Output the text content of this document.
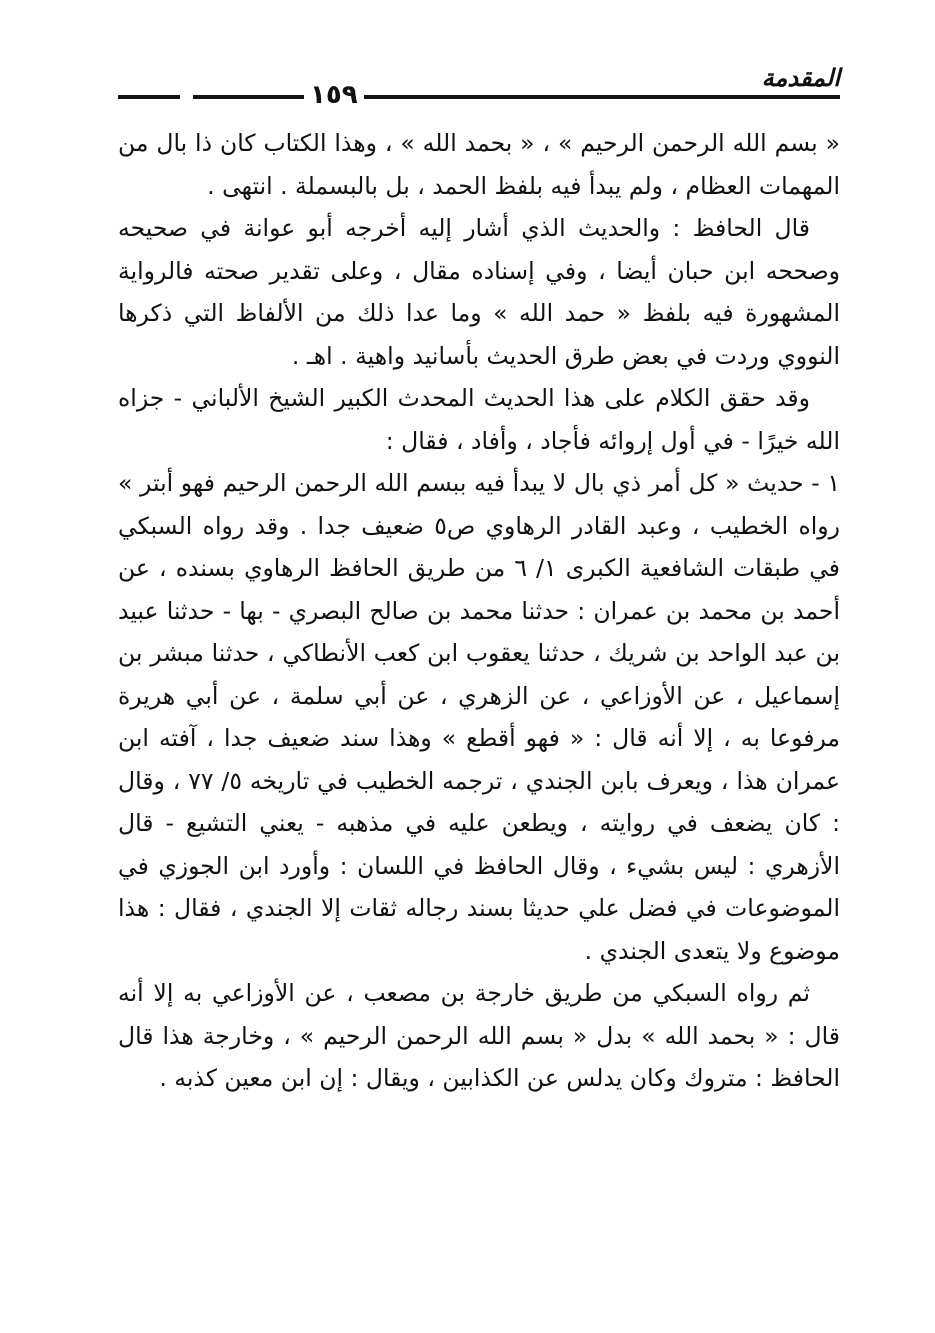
المقدمة
١٥٩

« بسم الله الرحمن الرحيم » ، « بحمد الله » ، وهذا الكتاب كان ذا بال من المهمات العظام ، ولم يبدأ فيه بلفظ الحمد ، بل بالبسملة . انتهى .

قال الحافظ : والحديث الذي أشار إليه أخرجه أبو عوانة في صحيحه وصححه ابن حبان أيضا ، وفي إسناده مقال ، وعلى تقدير صحته فالرواية المشهورة فيه بلفظ « حمد الله » وما عدا ذلك من الألفاظ التي ذكرها النووي وردت في بعض طرق الحديث بأسانيد واهية . اهـ .

وقد حقق الكلام على هذا الحديث المحدث الكبير الشيخ الألباني - جزاه الله خيرًا - في أول إروائه فأجاد ، وأفاد ، فقال :

١ - حديث « كل أمر ذي بال لا يبدأ فيه ببسم الله الرحمن الرحيم فهو أبتر » رواه الخطيب ، وعبد القادر الرهاوي ص٥ ضعيف جدا . وقد رواه السبكي في طبقات الشافعية الكبرى ١/ ٦ من طريق الحافظ الرهاوي بسنده ، عن أحمد بن محمد بن عمران : حدثنا محمد بن صالح البصري - بها - حدثنا عبيد بن عبد الواحد بن شريك ، حدثنا يعقوب ابن كعب الأنطاكي ، حدثنا مبشر بن إسماعيل ، عن الأوزاعي ، عن الزهري ، عن أبي سلمة ، عن أبي هريرة مرفوعا به ، إلا أنه قال : « فهو أقطع » وهذا سند ضعيف جدا ، آفته ابن عمران هذا ، ويعرف بابن الجندي ، ترجمه الخطيب في تاريخه ٥/ ٧٧ ، وقال : كان يضعف في روايته ، ويطعن عليه في مذهبه - يعني التشيع - قال الأزهري : ليس بشيء ، وقال الحافظ في اللسان : وأورد ابن الجوزي في الموضوعات في فضل علي حديثا بسند رجاله ثقات إلا الجندي ، فقال : هذا موضوع ولا يتعدى الجندي .

ثم رواه السبكي من طريق خارجة بن مصعب ، عن الأوزاعي به إلا أنه قال : « بحمد الله » بدل « بسم الله الرحمن الرحيم » ، وخارجة هذا قال الحافظ : متروك وكان يدلس عن الكذابين ، ويقال : إن ابن معين كذبه .
